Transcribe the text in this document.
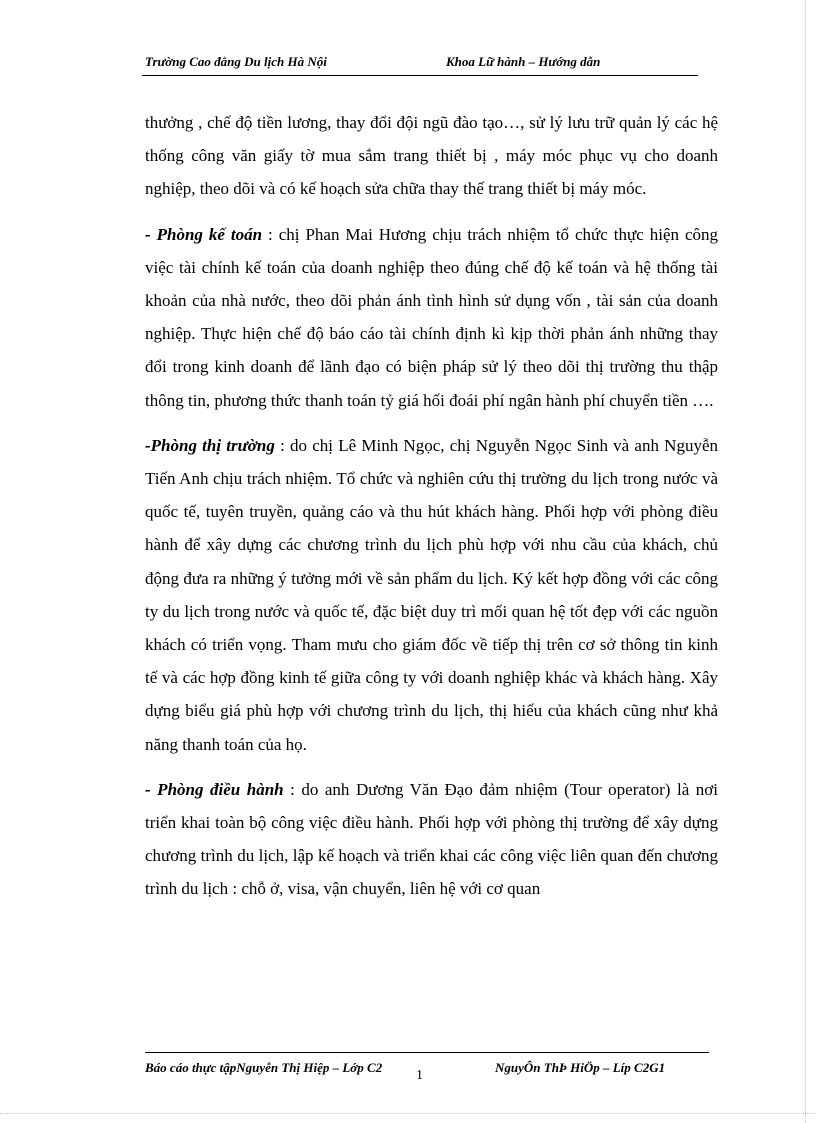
Trường Cao đẳng Du lịch Hà Nội	Khoa Lữ hành – Hướng dẫn

thưởng , chế độ tiền lương, thay đổi đội ngũ đào tạo…, sử lý lưu trữ quản lý các hệ thống công văn giấy tờ mua sắm trang thiết bị , máy móc phục vụ cho doanh nghiệp, theo dõi và có kế hoạch sửa chữa thay thế trang thiết bị máy móc.

- Phòng kế toán : chị Phan Mai Hương chịu trách nhiệm tổ chức thực hiện công việc tài chính kế toán của doanh nghiệp theo đúng chế độ kế toán và hệ thống tài khoản của nhà nước, theo dõi phản ánh tình hình sử dụng vốn , tài sản của doanh nghiệp. Thực hiện chế độ báo cáo tài chính định kì kịp thời phản ánh những thay đổi trong kinh doanh để lãnh đạo có biện pháp sử lý theo dõi thị trường thu thập thông tin, phương thức thanh toán tỷ giá hối đoái phí ngân hành phí chuyển tiền ….

-Phòng thị trường : do chị Lê Minh Ngọc, chị Nguyễn Ngọc Sinh và anh Nguyễn Tiến Anh chịu trách nhiệm. Tổ chức và nghiên cứu thị trường du lịch trong nước và quốc tế, tuyên truyền, quảng cáo và thu hút khách hàng. Phối hợp với phòng điều hành để xây dựng các chương trình du lịch phù hợp với nhu cầu của khách, chủ động đưa ra những ý tưởng mới về sản phẩm du lịch. Ký kết hợp đồng với các công ty du lịch trong nước và quốc tế, đặc biệt duy trì mối quan hệ tốt đẹp với các nguồn khách có triển vọng. Tham mưu cho giám đốc về tiếp thị trên cơ sở thông tin kinh tế và các hợp đồng kinh tế giữa công ty với doanh nghiệp khác và khách hàng. Xây dựng biểu giá phù hợp với chương trình du lịch, thị hiếu của khách cũng như khả năng thanh toán của họ.

- Phòng điều hành : do anh Dương Văn Đạo đảm nhiệm (Tour operator) là nơi triển khai toàn bộ công việc điều hành. Phối hợp với phòng thị trường để xây dựng chương trình du lịch, lập kế hoạch và triển khai các công việc liên quan đến chương trình du lịch : chỗ ở, visa, vận chuyển, liên hệ với cơ quan

Báo cáo thực tậpNguyễn Thị Hiệp – Lớp C2	NguyÔn ThÞ HiÖp – Líp C2G1
1
